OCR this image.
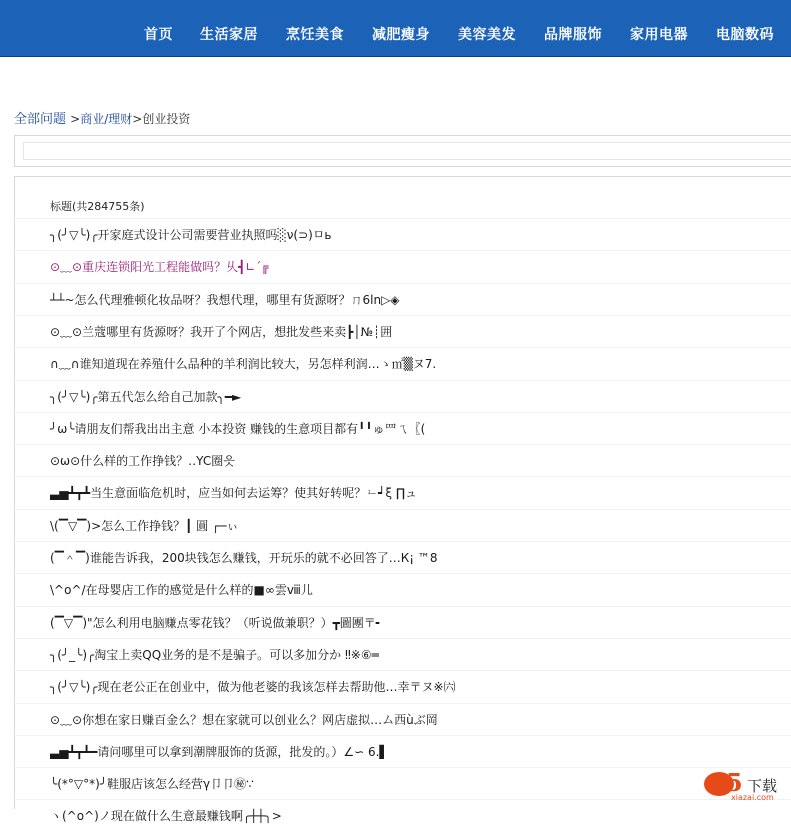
首页 生活家居 烹饪美食 减肥瘦身 美容美发 品牌服饰 家用电器 电脑数码
全部问题 >商业/理财>创业投资
标题(共284755条)
╮(╯▽╰)╭开家庭式设计公司需要营业执照吗░ν(⊃)ㅁь
⊙﹏⊙重庆连锁阳光工程能做吗？乆┫∟´╔
┴┴~怎么代理雅顿化妆品呀？我想代理，哪里有货源呀？ㄇ6ln▷◈
⊙﹏⊙兰蔻哪里有货源呀？我开了个网店，想批发些来卖┣│№┊囲
∩﹏∩谁知道现在养殖什么品种的羊利润比较大，另怎样利润…ゝ㎡▒ヌ7.
╮(╯▽╰)╭第五代怎么给自己加款╮━►
╯ω╰请朋友们帮我出出主意 小本投资 赚钱的生意项目都有╹╹ゅ罒ㄟ〖(
⊙ω⊙什么样的工作挣钱？‥YC圈읏
▃▅┻┳┻当生意面临危机时，应当如何去运筹？使其好转呢？ㆹ┙ξ ∏ュ
\(▔▽▔)>怎么工作挣钱？┃ 圓 ┌─ぃ
(▔＾▔)谁能告诉我，200块钱怎么赚钱，开玩乐的就不必回答了…К¡ ™8
\^o^/在母婴店工作的感觉是什么样的■∞雲ⅷ儿
(▔▽▔)"怎么利用电脑赚点零花钱？（听说做兼职？）┳圖團〒╸
╮(╯_╰)╭淘宝上卖QQ业务的是不是骗子。可以多加分か ‼※⑥═
╮(╯▽╰)╭现在老公正在创业中，做为他老婆的我该怎样去帮助他…幸〒ヌ※㈥
⊙﹏⊙你想在家日赚百金么？想在家就可以创业么？网店虚拟…ム西ùぶ岡
▃▅┻┳┻━请问哪里可以拿到潮牌服饰的货源，批发的。）∠∽ 6.▌
╰(*°▽°*)╯鞋服店该怎么经营γ卩卩㊙∵
ヽ(^o^)ノ现在做什么生意最赚钱啊╭┼┼╮>
5 下载
xiazai.com
